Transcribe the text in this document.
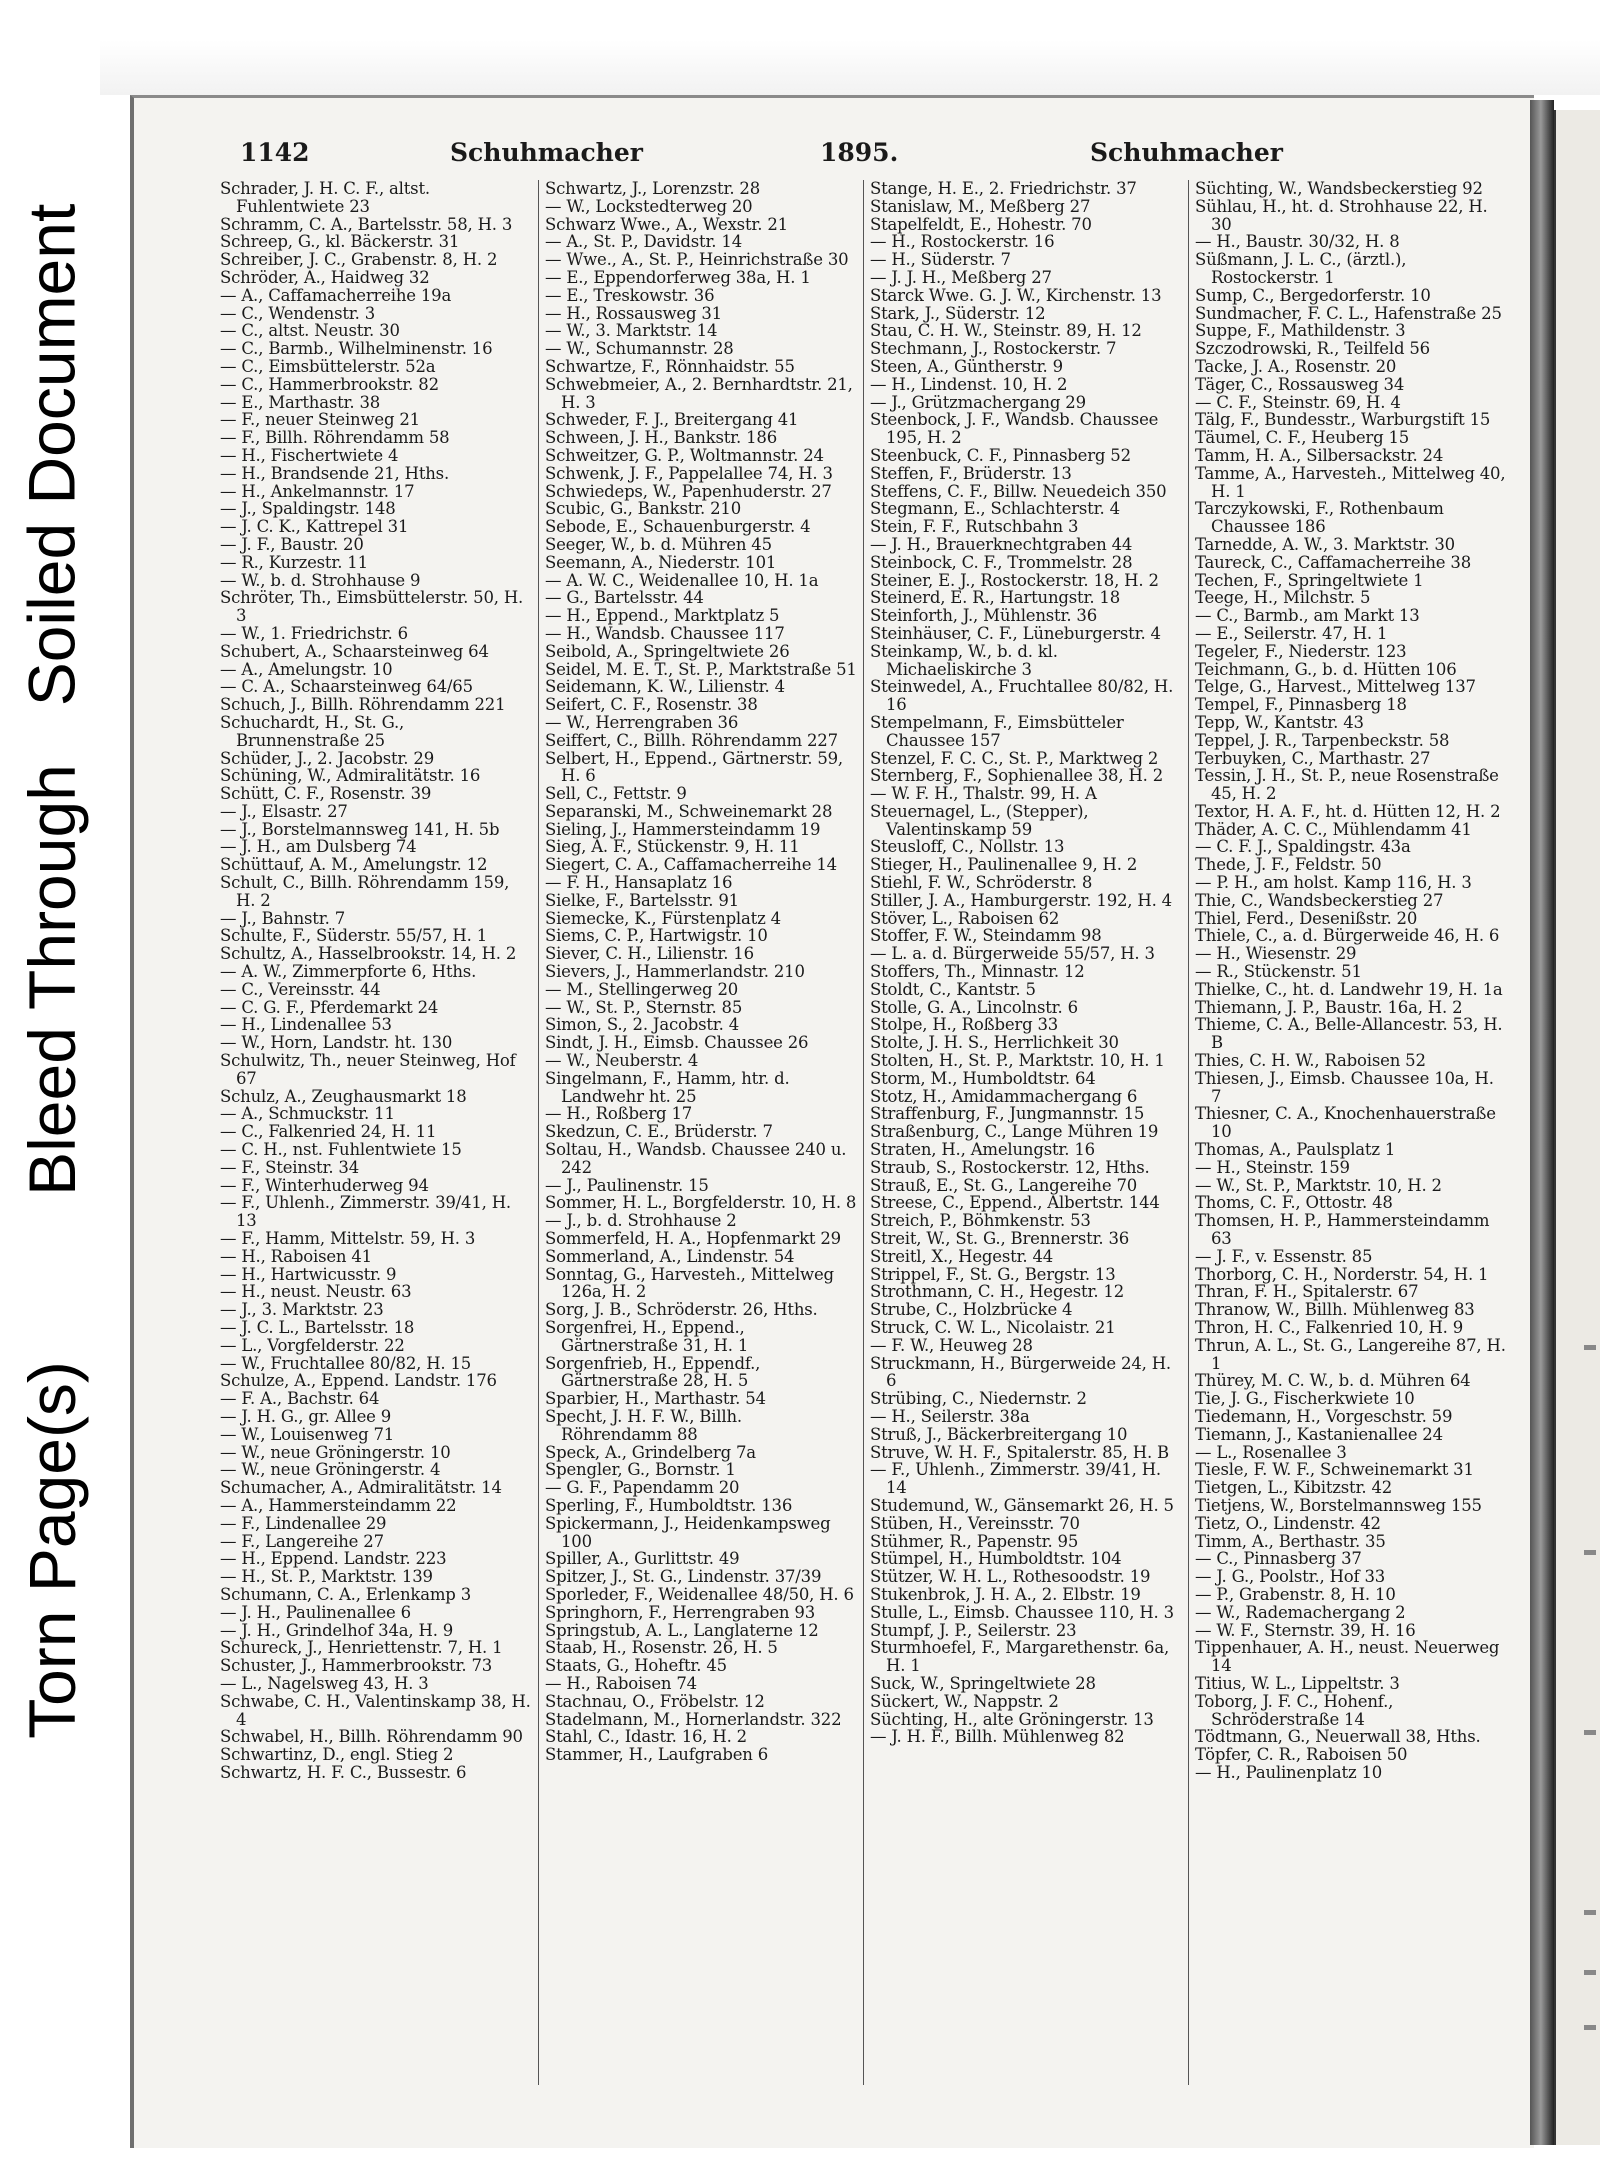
Torn Page(s)
Bleed Through
Soiled Document
1142	Schuhmacher	1895.	Schuhmacher

Schrader, J. H. C. F., altst. Fuhlentwiete 23

Schramm, C. A., Bartelsstr. 58, H. 3

Schreep, G., kl. Bäckerstr. 31

Schreiber, J. C., Grabenstr. 8, H. 2

Schröder, A., Haidweg 32

— A., Caffamacherreihe 19a

— C., Wendenstr. 3

— C., altst. Neustr. 30

— C., Barmb., Wilhelminenstr. 16

— C., Eimsbüttelerstr. 52a

— C., Hammerbrookstr. 82

— E., Marthastr. 38

— F., neuer Steinweg 21

— F., Billh. Röhrendamm 58

— H., Fischertwiete 4

— H., Brandsende 21, Hths.

— H., Ankelmannstr. 17

— J., Spaldingstr. 148

— J. C. K., Kattrepel 31

— J. F., Baustr. 20

— R., Kurzestr. 11

— W., b. d. Strohhause 9

Schröter, Th., Eimsbüttelerstr. 50, H. 3

— W., 1. Friedrichstr. 6

Schubert, A., Schaarsteinweg 64

— A., Amelungstr. 10

— C. A., Schaarsteinweg 64/65

Schuch, J., Billh. Röhrendamm 221

Schuchardt, H., St. G., Brunnenstraße 25

Schüder, J., 2. Jacobstr. 29

Schüning, W., Admiralitätstr. 16

Schütt, C. F., Rosenstr. 39

— J., Elsastr. 27

— J., Borstelmannsweg 141, H. 5b

— J. H., am Dulsberg 74

Schüttauf, A. M., Amelungstr. 12

Schult, C., Billh. Röhrendamm 159, H. 2

— J., Bahnstr. 7

Schulte, F., Süderstr. 55/57, H. 1

Schultz, A., Hasselbrookstr. 14, H. 2

— A. W., Zimmerpforte 6, Hths.

— C., Vereinsstr. 44

— C. G. F., Pferdemarkt 24

— H., Lindenallee 53

— W., Horn, Landstr. ht. 130

Schulwitz, Th., neuer Steinweg, Hof 67

Schulz, A., Zeughausmarkt 18

— A., Schmuckstr. 11

— C., Falkenried 24, H. 11

— C. H., nst. Fuhlentwiete 15

— F., Steinstr. 34

— F., Winterhuderweg 94

— F., Uhlenh., Zimmerstr. 39/41, H. 13

— F., Hamm, Mittelstr. 59, H. 3

— H., Raboisen 41

— H., Hartwicusstr. 9

— H., neust. Neustr. 63

— J., 3. Marktstr. 23

— J. C. L., Bartelsstr. 18

— L., Vorgfelderstr. 22

— W., Fruchtallee 80/82, H. 15

Schulze, A., Eppend. Landstr. 176

— F. A., Bachstr. 64

— J. H. G., gr. Allee 9

— W., Louisenweg 71

— W., neue Gröningerstr. 10

— W., neue Gröningerstr. 4

Schumacher, A., Admiralitätstr. 14

— A., Hammersteindamm 22

— F., Lindenallee 29

— F., Langereihe 27

— H., Eppend. Landstr. 223

— H., St. P., Marktstr. 139

Schumann, C. A., Erlenkamp 3

— J. H., Paulinenallee 6

— J. H., Grindelhof 34a, H. 9

Schureck, J., Henriettenstr. 7, H. 1

Schuster, J., Hammerbrookstr. 73

— L., Nagelsweg 43, H. 3

Schwabe, C. H., Valentinskamp 38, H. 4

Schwabel, H., Billh. Röhrendamm 90

Schwartinz, D., engl. Stieg 2

Schwartz, H. F. C., Bussestr. 6

Schwartz, J., Lorenzstr. 28

— W., Lockstedterweg 20

Schwarz Wwe., A., Wexstr. 21

— A., St. P., Davidstr. 14

— Wwe., A., St. P., Heinrichstraße 30

— E., Eppendorferweg 38a, H. 1

— E., Treskowstr. 36

— H., Rossausweg 31

— W., 3. Marktstr. 14

— W., Schumannstr. 28

Schwartze, F., Rönnhaidstr. 55

Schwebmeier, A., 2. Bernhardtstr. 21, H. 3

Schweder, F. J., Breitergang 41

Schween, J. H., Bankstr. 186

Schweitzer, G. P., Woltmannstr. 24

Schwenk, J. F., Pappelallee 74, H. 3

Schwiedeps, W., Papenhuderstr. 27

Scubic, G., Bankstr. 210

Sebode, E., Schauenburgerstr. 4

Seeger, W., b. d. Mühren 45

Seemann, A., Niederstr. 101

— A. W. C., Weidenallee 10, H. 1a

— G., Bartelsstr. 44

— H., Eppend., Marktplatz 5

— H., Wandsb. Chaussee 117

Seibold, A., Springeltwiete 26

Seidel, M. E. T., St. P., Marktstraße 51

Seidemann, K. W., Lilienstr. 4

Seifert, C. F., Rosenstr. 38

— W., Herrengraben 36

Seiffert, C., Billh. Röhrendamm 227

Selbert, H., Eppend., Gärtnerstr. 59, H. 6

Sell, C., Fettstr. 9

Separanski, M., Schweinemarkt 28

Sieling, J., Hammersteindamm 19

Sieg, A. F., Stückenstr. 9, H. 11

Siegert, C. A., Caffamacherreihe 14

— F. H., Hansaplatz 16

Sielke, F., Bartelsstr. 91

Siemecke, K., Fürstenplatz 4

Siems, C. P., Hartwigstr. 10

Siever, C. H., Lilienstr. 16

Sievers, J., Hammerlandstr. 210

— M., Stellingerweg 20

— W., St. P., Sternstr. 85

Simon, S., 2. Jacobstr. 4

Sindt, J. H., Eimsb. Chaussee 26

— W., Neuberstr. 4

Singelmann, F., Hamm, htr. d. Landwehr ht. 25

— H., Roßberg 17

Skedzun, C. E., Brüderstr. 7

Soltau, H., Wandsb. Chaussee 240 u. 242

— J., Paulinenstr. 15

Sommer, H. L., Borgfelderstr. 10, H. 8

— J., b. d. Strohhause 2

Sommerfeld, H. A., Hopfenmarkt 29

Sommerland, A., Lindenstr. 54

Sonntag, G., Harvesteh., Mittelweg 126a, H. 2

Sorg, J. B., Schröderstr. 26, Hths.

Sorgenfrei, H., Eppend., Gärtnerstraße 31, H. 1

Sorgenfrieb, H., Eppendf., Gärtnerstraße 28, H. 5

Sparbier, H., Marthastr. 54

Specht, J. H. F. W., Billh. Röhrendamm 88

Speck, A., Grindelberg 7a

Spengler, G., Bornstr. 1

— G. F., Papendamm 20

Sperling, F., Humboldtstr. 136

Spickermann, J., Heidenkampsweg 100

Spiller, A., Gurlittstr. 49

Spitzer, J., St. G., Lindenstr. 37/39

Sporleder, F., Weidenallee 48/50, H. 6

Springhorn, F., Herrengraben 93

Springstub, A. L., Langlaterne 12

Staab, H., Rosenstr. 26, H. 5

Staats, G., Hoheftr. 45

— H., Raboisen 74

Stachnau, O., Fröbelstr. 12

Stadelmann, M., Hornerlandstr. 322

Stahl, C., Idastr. 16, H. 2

Stammer, H., Laufgraben 6

Stange, H. E., 2. Friedrichstr. 37

Stanislaw, M., Meßberg 27

Stapelfeldt, E., Hohestr. 70

— H., Rostockerstr. 16

— H., Süderstr. 7

— J. J. H., Meßberg 27

Starck Wwe. G. J. W., Kirchenstr. 13

Stark, J., Süderstr. 12

Stau, C. H. W., Steinstr. 89, H. 12

Stechmann, J., Rostockerstr. 7

Steen, A., Güntherstr. 9

— H., Lindenst. 10, H. 2

— J., Grützmachergang 29

Steenbock, J. F., Wandsb. Chaussee 195, H. 2

Steenbuck, C. F., Pinnasberg 52

Steffen, F., Brüderstr. 13

Steffens, C. F., Billw. Neuedeich 350

Stegmann, E., Schlachterstr. 4

Stein, F. F., Rutschbahn 3

— J. H., Brauerknechtgraben 44

Steinbock, C. F., Trommelstr. 28

Steiner, E. J., Rostockerstr. 18, H. 2

Steinerd, E. R., Hartungstr. 18

Steinforth, J., Mühlenstr. 36

Steinhäuser, C. F., Lüneburgerstr. 4

Steinkamp, W., b. d. kl. Michaeliskirche 3

Steinwedel, A., Fruchtallee 80/82, H. 16

Stempelmann, F., Eimsbütteler Chaussee 157

Stenzel, F. C. C., St. P., Marktweg 2

Sternberg, F., Sophienallee 38, H. 2

— W. F. H., Thalstr. 99, H. A

Steuernagel, L., (Stepper), Valentinskamp 59

Steusloff, C., Nollstr. 13

Stieger, H., Paulinenallee 9, H. 2

Stiehl, F. W., Schröderstr. 8

Stiller, J. A., Hamburgerstr. 192, H. 4

Stöver, L., Raboisen 62

Stoffer, F. W., Steindamm 98

— L. a. d. Bürgerweide 55/57, H. 3

Stoffers, Th., Minnastr. 12

Stoldt, C., Kantstr. 5

Stolle, G. A., Lincolnstr. 6

Stolpe, H., Roßberg 33

Stolte, J. H. S., Herrlichkeit 30

Stolten, H., St. P., Marktstr. 10, H. 1

Storm, M., Humboldtstr. 64

Stotz, H., Amidammachergang 6

Straffenburg, F., Jungmannstr. 15

Straßenburg, C., Lange Mühren 19

Straten, H., Amelungstr. 16

Straub, S., Rostockerstr. 12, Hths.

Strauß, E., St. G., Langereihe 70

Streese, C., Eppend., Albertstr. 144

Streich, P., Böhmkenstr. 53

Streit, W., St. G., Brennerstr. 36

Streitl, X., Hegestr. 44

Strippel, F., St. G., Bergstr. 13

Strothmann, C. H., Hegestr. 12

Strube, C., Holzbrücke 4

Struck, C. W. L., Nicolaistr. 21

— F. W., Heuweg 28

Struckmann, H., Bürgerweide 24, H. 6

Strübing, C., Niedernstr. 2

— H., Seilerstr. 38a

Struß, J., Bäckerbreitergang 10

Struve, W. H. F., Spitalerstr. 85, H. B

— F., Uhlenh., Zimmerstr. 39/41, H. 14

Studemund, W., Gänsemarkt 26, H. 5

Stüben, H., Vereinsstr. 70

Stühmer, R., Papenstr. 95

Stümpel, H., Humboldtstr. 104

Stützer, W. H. L., Rothesoodstr. 19

Stukenbrok, J. H. A., 2. Elbstr. 19

Stulle, L., Eimsb. Chaussee 110, H. 3

Stumpf, J. P., Seilerstr. 23

Sturmhoefel, F., Margarethenstr. 6a, H. 1

Suck, W., Springeltwiete 28

Sückert, W., Nappstr. 2

Süchting, H., alte Gröningerstr. 13

— J. H. F., Billh. Mühlenweg 82

Süchting, W., Wandsbeckerstieg 92

Sühlau, H., ht. d. Strohhause 22, H. 30

— H., Baustr. 30/32, H. 8

Süßmann, J. L. C., (ärztl.), Rostockerstr. 1

Sump, C., Bergedorferstr. 10

Sundmacher, F. C. L., Hafenstraße 25

Suppe, F., Mathildenstr. 3

Szczodrowski, R., Teilfeld 56

Tacke, J. A., Rosenstr. 20

Täger, C., Rossausweg 34

— C. F., Steinstr. 69, H. 4

Tälg, F., Bundesstr., Warburgstift 15

Täumel, C. F., Heuberg 15

Tamm, H. A., Silbersackstr. 24

Tamme, A., Harvesteh., Mittelweg 40, H. 1

Tarczykowski, F., Rothenbaum Chaussee 186

Tarnedde, A. W., 3. Marktstr. 30

Taureck, C., Caffamacherreihe 38

Techen, F., Springeltwiete 1

Teege, H., Milchstr. 5

— C., Barmb., am Markt 13

— E., Seilerstr. 47, H. 1

Tegeler, F., Niederstr. 123

Teichmann, G., b. d. Hütten 106

Telge, G., Harvest., Mittelweg 137

Tempel, F., Pinnasberg 18

Tepp, W., Kantstr. 43

Teppel, J. R., Tarpenbeckstr. 58

Terbuyken, C., Marthastr. 27

Tessin, J. H., St. P., neue Rosenstraße 45, H. 2

Textor, H. A. F., ht. d. Hütten 12, H. 2

Thäder, A. C. C., Mühlendamm 41

— C. F. J., Spaldingstr. 43a

Thede, J. F., Feldstr. 50

— P. H., am holst. Kamp 116, H. 3

Thie, C., Wandsbeckerstieg 27

Thiel, Ferd., Desenißstr. 20

Thiele, C., a. d. Bürgerweide 46, H. 6

— H., Wiesenstr. 29

— R., Stückenstr. 51

Thielke, C., ht. d. Landwehr 19, H. 1a

Thiemann, J. P., Baustr. 16a, H. 2

Thieme, C. A., Belle-Allancestr. 53, H. B

Thies, C. H. W., Raboisen 52

Thiesen, J., Eimsb. Chaussee 10a, H. 7

Thiesner, C. A., Knochenhauerstraße 10

Thomas, A., Paulsplatz 1

— H., Steinstr. 159

— W., St. P., Marktstr. 10, H. 2

Thoms, C. F., Ottostr. 48

Thomsen, H. P., Hammersteindamm 63

— J. F., v. Essenstr. 85

Thorborg, C. H., Norderstr. 54, H. 1

Thran, F. H., Spitalerstr. 67

Thranow, W., Billh. Mühlenweg 83

Thron, H. C., Falkenried 10, H. 9

Thrun, A. L., St. G., Langereihe 87, H. 1

Thürey, M. C. W., b. d. Mühren 64

Tie, J. G., Fischerkwiete 10

Tiedemann, H., Vorgeschstr. 59

Tiemann, J., Kastanienallee 24

— L., Rosenallee 3

Tiesle, F. W. F., Schweinemarkt 31

Tietgen, L., Kibitzstr. 42

Tietjens, W., Borstelmannsweg 155

Tietz, O., Lindenstr. 42

Timm, A., Berthastr. 35

— C., Pinnasberg 37

— J. G., Poolstr., Hof 33

— P., Grabenstr. 8, H. 10

— W., Rademachergang 2

— W. F., Sternstr. 39, H. 16

Tippenhauer, A. H., neust. Neuerweg 14

Titius, W. L., Lippeltstr. 3

Toborg, J. F. C., Hohenf., Schröderstraße 14

Tödtmann, G., Neuerwall 38, Hths.

Töpfer, C. R., Raboisen 50

— H., Paulinenplatz 10
